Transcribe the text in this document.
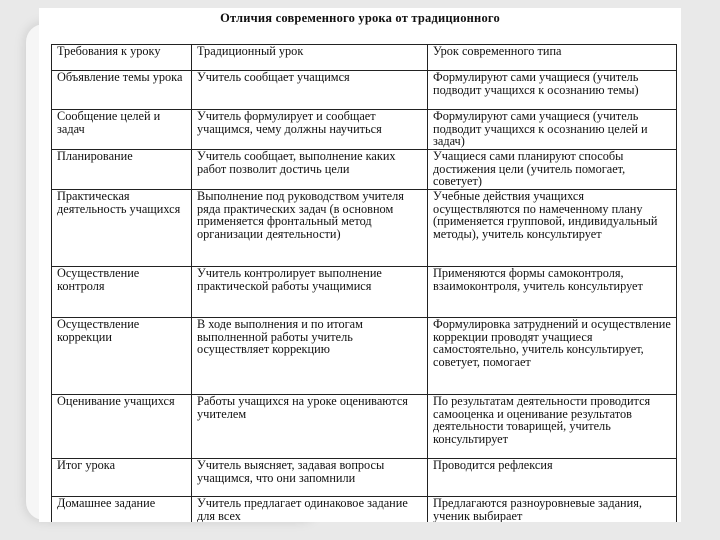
Отличия современного урока от традиционного
Требования к уроку	Традиционный урок	Урок современного типа
Объявление темы урока	Учитель сообщает учащимся	Формулируют сами учащиеся (учитель подводит учащихся к осознанию темы)
Сообщение целей и задач	Учитель формулирует и сообщает учащимся, чему должны научиться	Формулируют сами учащиеся (учитель подводит учащихся к осознанию целей и задач)
Планирование	Учитель сообщает, выполнение каких работ позволит достичь цели	Учащиеся сами планируют способы достижения цели (учитель помогает, советует)
Практическая деятельность учащихся	Выполнение под руководством учителя ряда практических задач (в основном применяется фронтальный метод организации деятельности)	Учебные действия учащихся осуществляются по намеченному плану (применяется групповой, индивидуальный методы), учитель консультирует
Осуществление контроля	Учитель контролирует выполнение практической работы учащимися	Применяются формы самоконтроля, взаимоконтроля, учитель консультирует
Осуществление коррекции	В ходе выполнения и по итогам выполненной работы учитель осуществляет коррекцию	Формулировка затруднений и осуществление коррекции проводят учащиеся самостоятельно, учитель консультирует, советует, помогает
Оценивание учащихся	Работы учащихся на уроке оцениваются учителем	По результатам деятельности проводится самооценка и оценивание результатов деятельности товарищей, учитель консультирует
Итог урока	Учитель выясняет, задавая вопросы учащимся, что они запомнили	Проводится рефлексия
Домашнее задание	Учитель предлагает одинаковое задание для всех	Предлагаются разноуровневые задания, ученик выбирает
